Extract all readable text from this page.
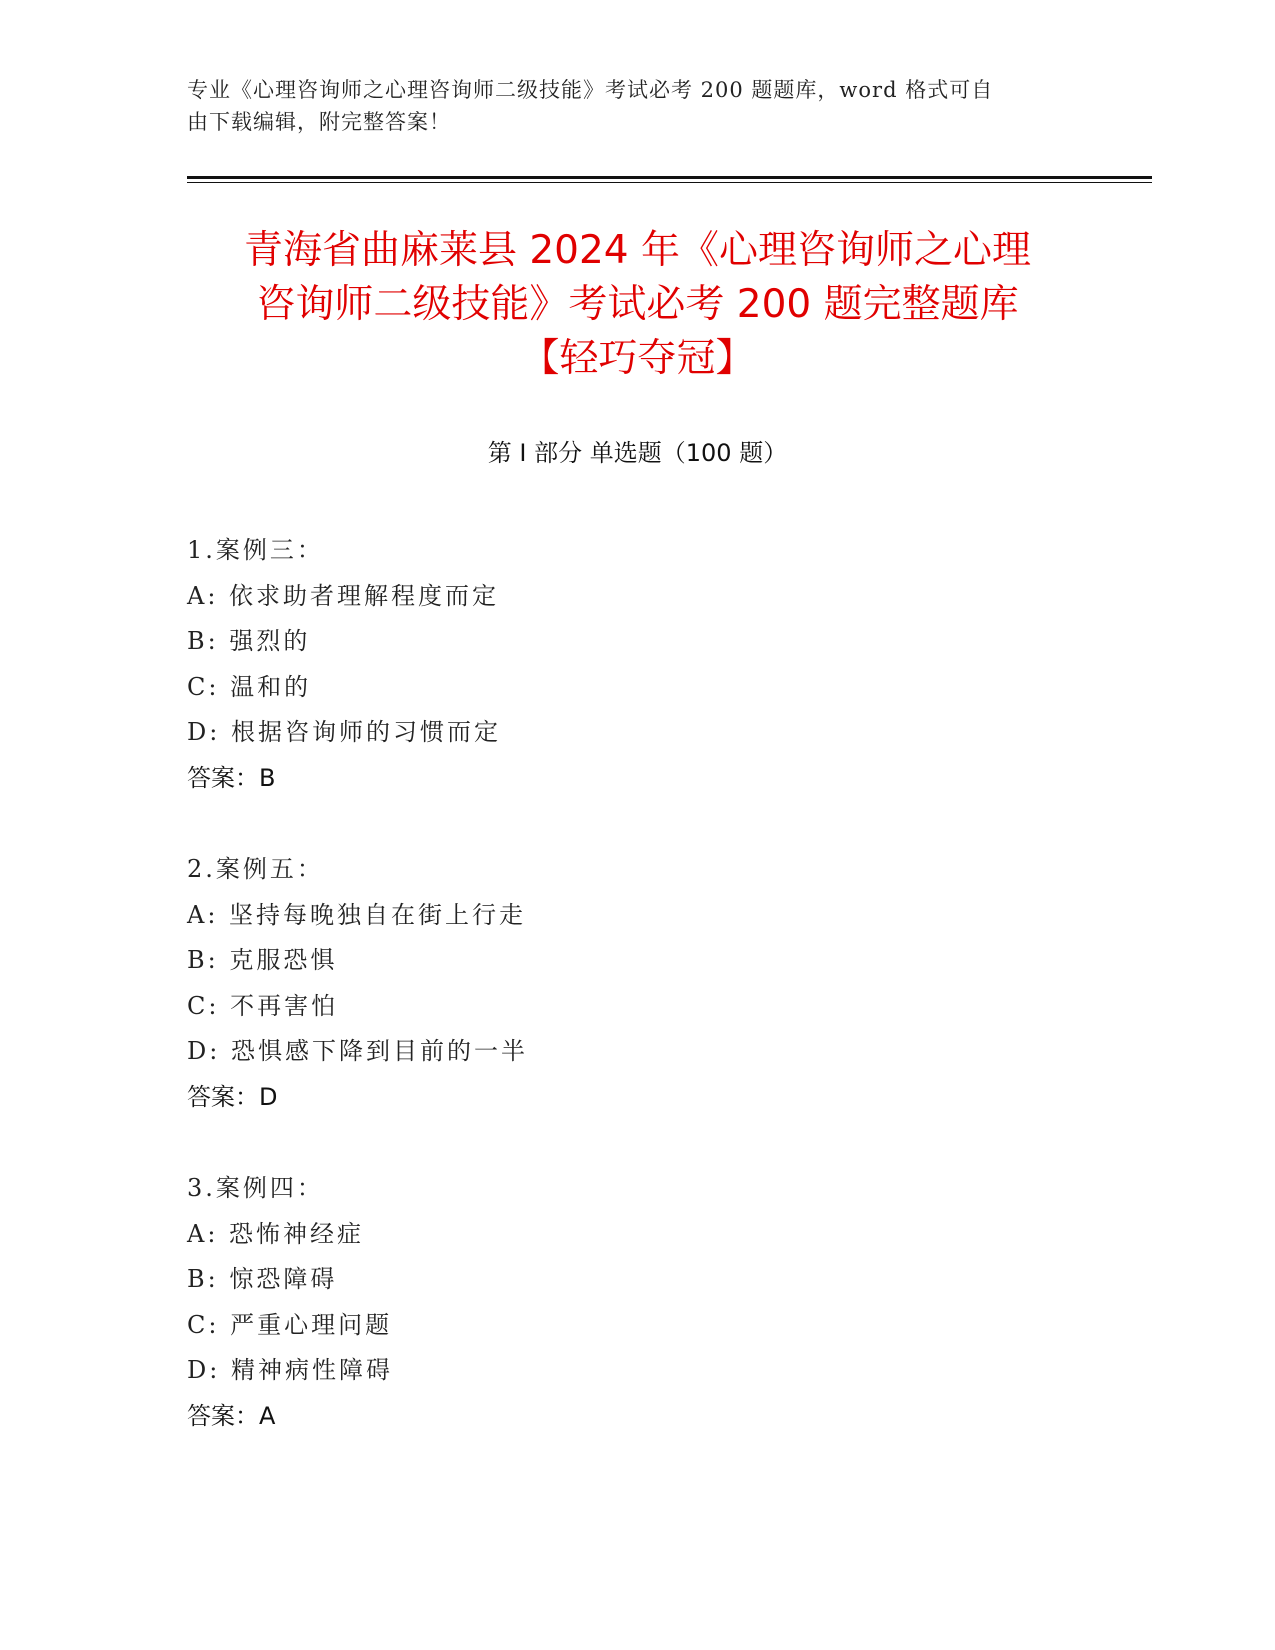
专业《心理咨询师之心理咨询师二级技能》考试必考 200 题题库，word 格式可自
由下载编辑，附完整答案！
青海省曲麻莱县 2024 年《心理咨询师之心理
咨询师二级技能》考试必考 200 题完整题库
【轻巧夺冠】
第 I 部分 单选题（100 题）
1.案例三：
A: 依求助者理解程度而定
B: 强烈的
C: 温和的
D: 根据咨询师的习惯而定
答案：B
2.案例五：
A: 坚持每晚独自在街上行走
B: 克服恐惧
C: 不再害怕
D: 恐惧感下降到目前的一半
答案：D
3.案例四：
A: 恐怖神经症
B: 惊恐障碍
C: 严重心理问题
D: 精神病性障碍
答案：A
